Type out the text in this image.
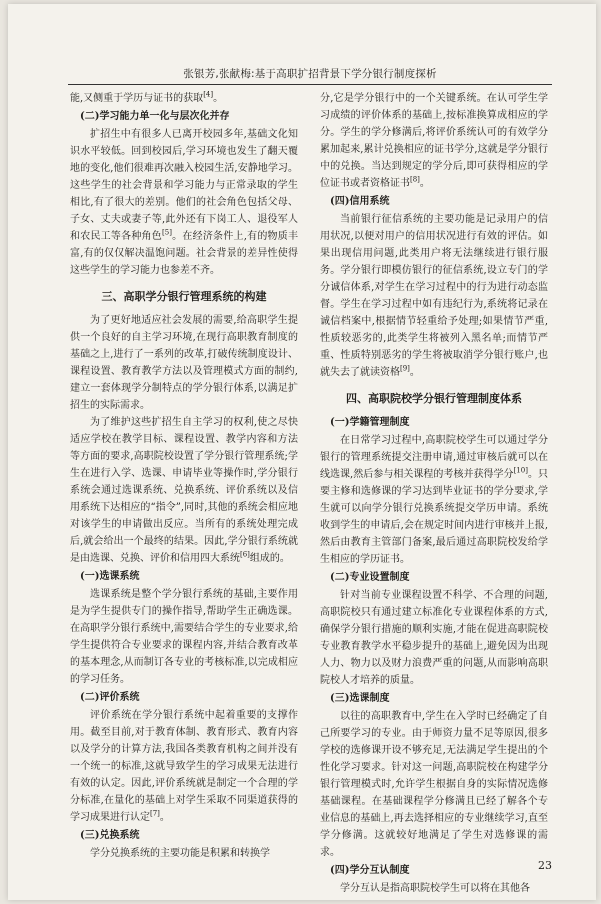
张银芳,张献梅:基于高职扩招背景下学分银行制度探析

能,又侧重于学历与证书的获取[4]。

(二)学习能力单一化与层次化并存

扩招生中有很多人已离开校园多年,基础文化知识水平较低。回到校园后,学习环境也发生了翻天覆地的变化,他们很难再次融入校园生活,安静地学习。这些学生的社会背景和学习能力与正常录取的学生相比,有了很大的差别。他们的社会角色包括父母、子女、丈夫或妻子等,此外还有下岗工人、退役军人和农民工等各种角色[5]。在经济条件上,有的物质丰富,有的仅仅解决温饱问题。社会背景的差异性使得这些学生的学习能力也参差不齐。

三、高职学分银行管理系统的构建

为了更好地适应社会发展的需要,给高职学生提供一个良好的自主学习环境,在现行高职教育制度的基础之上,进行了一系列的改革,打破传统制度设计、课程设置、教育教学方法以及管理模式方面的制约,建立一套体现学分制特点的学分银行体系,以满足扩招生的实际需求。

为了维护这些扩招生自主学习的权利,使之尽快适应学校在教学目标、课程设置、教学内容和方法等方面的要求,高职院校设置了学分银行管理系统;学生在进行入学、选课、申请毕业等操作时,学分银行系统会通过选课系统、兑换系统、评价系统以及信用系统下达相应的“指令”,同时,其他的系统会相应地对该学生的申请做出反应。当所有的系统处理完成后,就会给出一个最终的结果。因此,学分银行系统就是由选课、兑换、评价和信用四大系统[6]组成的。

(一)选课系统

选课系统是整个学分银行系统的基础,主要作用是为学生提供专门的操作指导,帮助学生正确选课。在高职学分银行系统中,需要结合学生的专业要求,给学生提供符合专业要求的课程内容,并结合教育改革的基本理念,从而制订各专业的考核标准,以完成相应的学习任务。

(二)评价系统

评价系统在学分银行系统中起着重要的支撑作用。截至目前,对于教育体制、教育形式、教育内容以及学分的计算方法,我国各类教育机构之间并没有一个统一的标准,这就导致学生的学习成果无法进行有效的认定。因此,评价系统就是制定一个合理的学分标准,在量化的基础上对学生采取不同渠道获得的学习成果进行认定[7]。

(三)兑换系统

学分兑换系统的主要功能是积累和转换学

分,它是学分银行中的一个关键系统。在认可学生学习成绩的评价体系的基础上,按标准换算成相应的学分。学生的学分修满后,将评价系统认可的有效学分累加起来,累计兑换相应的证书学分,这就是学分银行中的兑换。当达到规定的学分后,即可获得相应的学位证书或者资格证书[8]。

(四)信用系统

当前银行征信系统的主要功能是记录用户的信用状况,以便对用户的信用状况进行有效的评估。如果出现信用问题,此类用户将无法继续进行银行服务。学分银行即模仿银行的征信系统,设立专门的学分诚信体系,对学生在学习过程中的行为进行动态监督。学生在学习过程中如有违纪行为,系统将记录在诚信档案中,根据情节轻重给予处理;如果情节严重,性质较恶劣的,此类学生将被列入黑名单;而情节严重、性质特别恶劣的学生将被取消学分银行账户,也就失去了就读资格[9]。

四、高职院校学分银行管理制度体系
(一)学籍管理制度

在日常学习过程中,高职院校学生可以通过学分银行的管理系统提交注册申请,通过审核后就可以在线选课,然后参与相关课程的考核并获得学分[10]。只要主修和选修课的学习达到毕业证书的学分要求,学生就可以向学分银行兑换系统提交学历申请。系统收到学生的申请后,会在规定时间内进行审核并上报,然后由教育主管部门备案,最后通过高职院校发给学生相应的学历证书。

(二)专业设置制度

针对当前专业课程设置不科学、不合理的问题,高职院校只有通过建立标准化专业课程体系的方式,确保学分银行措施的顺利实施,才能在促进高职院校专业教育教学水平稳步提升的基础上,避免因为出现人力、物力以及财力浪费严重的问题,从而影响高职院校人才培养的质量。

(三)选课制度

以往的高职教育中,学生在入学时已经确定了自己所要学习的专业。由于师资力量不足等原因,很多学校的选修课开设不够充足,无法满足学生提出的个性化学习要求。针对这一问题,高职院校在构建学分银行管理模式时,允许学生根据自身的实际情况选修基础课程。在基础课程学分修满且已经了解各个专业信息的基础上,再去选择相应的专业继续学习,直至学分修满。这就较好地满足了学生对选修课的需求。

(四)学分互认制度

学分互认是指高职院校学生可以将在其他各

23
